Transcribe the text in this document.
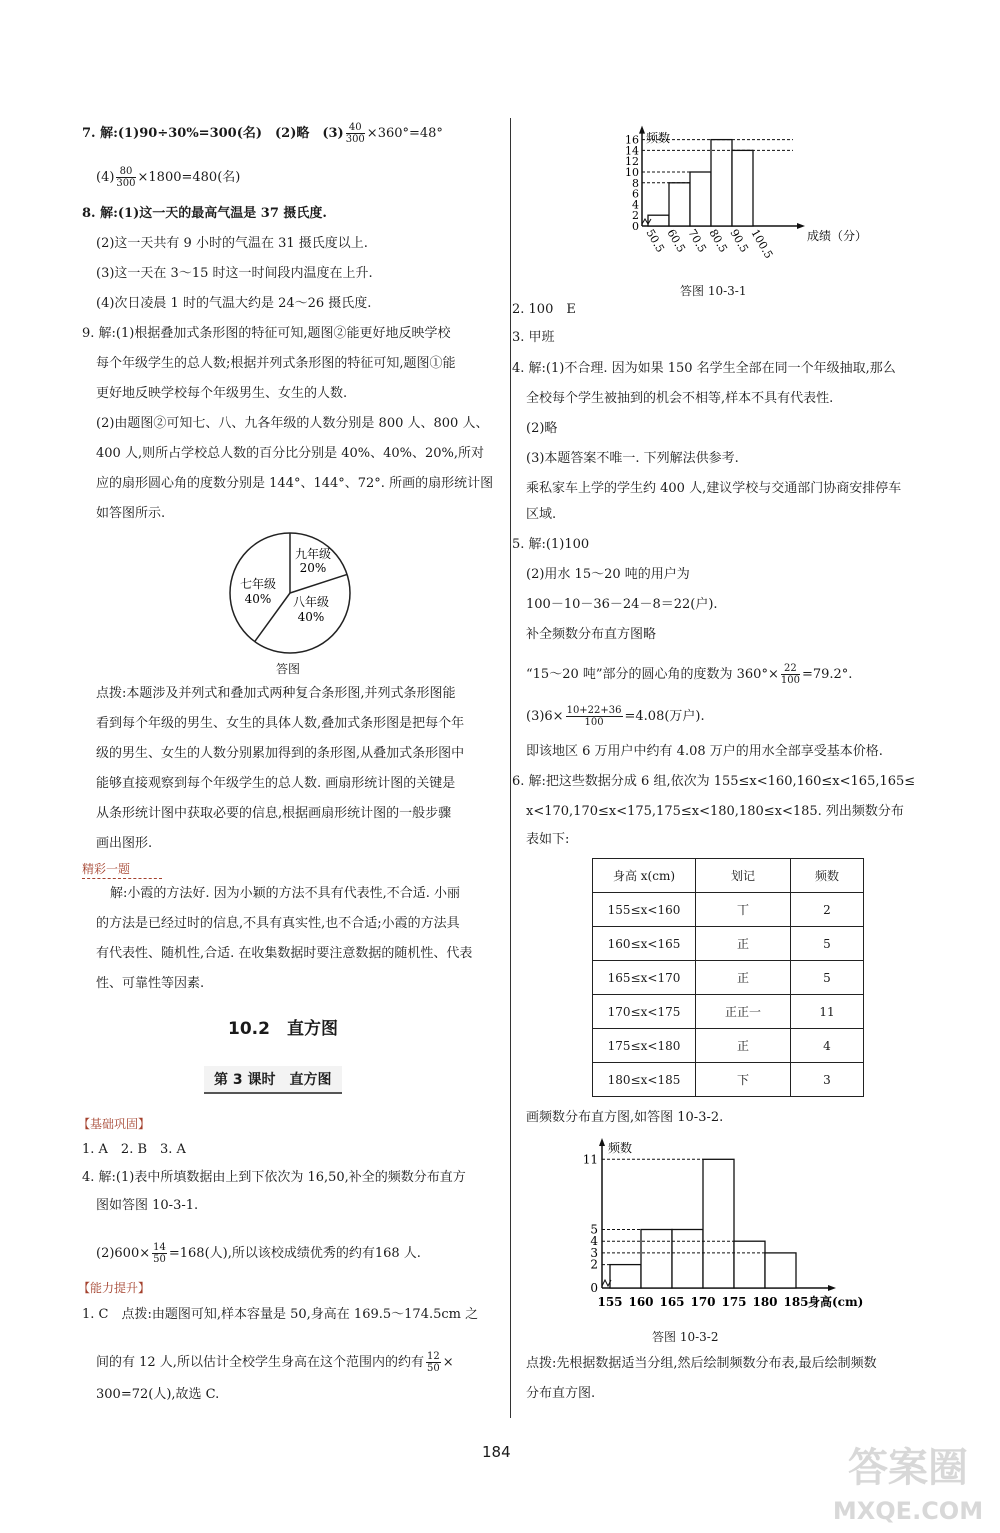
7. 解:(1)90÷30%=300(名)　(2)略　$(3) \frac{40}{300} \times 360^\circ=48^\circ$
$(4) \frac{80}{300} \times 1800=480$(名)
8. 解:(1)这一天的最高气温是 37 摄氏度.
(2)这一天共有 9 小时的气温在 31 摄氏度以上.
(3)这一天在 3～15 时这一时间段内温度在上升.
(4)次日凌晨 1 时的气温大约是 24～26 摄氏度.
9. 解:(1)根据叠加式条形图的特征可知,题图②能更好地反映学校
每个年级学生的总人数;根据并列式条形图的特征可知,题图①能
更好地反映学校每个年级男生、女生的人数.
(2)由题图②可知七、八、九各年级的人数分别是 800 人、800 人、
400 人,则所占学校总人数的百分比分别是 40%、40%、20%,所对
应的扇形圆心角的度数分别是 144°、144°、72°. 所画的扇形统计图
如答图所示.
九年级
20%
七年级
40% 八年级
40%
答图
点拨:本题涉及并列式和叠加式两种复合条形图,并列式条形图能
看到每个年级的男生、女生的具体人数,叠加式条形图是把每个年
级的男生、女生的人数分别累加得到的条形图,从叠加式条形图中
能够直接观察到每个年级学生的总人数. 画扇形统计图的关键是
从条形统计图中获取必要的信息,根据画扇形统计图的一般步骤
画出图形.
精彩一题
解:小霞的方法好. 因为小颖的方法不具有代表性,不合适. 小丽
的方法是已经过时的信息,不具有真实性,也不合适;小霞的方法具
有代表性、随机性,合适. 在收集数据时要注意数据的随机性、代表
性、可靠性等因素.
10.2　直方图
第 3 课时　直方图
【基础巩固】
1. A　2. B　3. A
4. 解:(1)表中所填数据由上到下依次为 16,50,补全的频数分布直方
图如答图 10-3-1.
$(2)600\times \frac{14}{50} =168$(人),所以该校成绩优秀的约有168 人.
【能力提升】
1. C　点拨:由题图可知,样本容量是 50,身高在 169.5～174.5cm 之
间的有 12 人,所以估计全校学生身高在这个范围内的约有 $\frac{12}{50}$ ×
300=72(人),故选 C.
频数
成绩（分）
0
2
4
6
8
10
12
14
16
50.5
60.5
70.5
80.5
90.5
100.5
答图 10-3-1
2. 100　E
3. 甲班
4. 解:(1)不合理. 因为如果 150 名学生全部在同一个年级抽取,那么
全校每个学生被抽到的机会不相等,样本不具有代表性.
(2)略
(3)本题答案不唯一. 下列解法供参考.
乘私家车上学的学生约 400 人,建议学校与交通部门协商安排停车
区域.
5. 解:(1)100
(2)用水 15～20 吨的用户为
100－10－36－24－8＝22(户).
补全频数分布直方图略
“15～20 吨”部分的圆心角的度数为 $360^\circ\times \frac{22}{100} =79.2^\circ$.
$(3)6\times \frac{10+22+36}{100} =4.08$(万户).
即该地区 6 万用户中约有 4.08 万户的用水全部享受基本价格.
6. 解:把这些数据分成 6 组,依次为 155≤x<160,160≤x<165,165≤
x<170,170≤x<175,175≤x<180,180≤x<185. 列出频数分布
表如下:
身高 x(cm)	划记	频数
155≤x<160	丅	2
160≤x<165	正	5
165≤x<170	正	5
170≤x<175	正正一	11
175≤x<180	正	4
180≤x<185	下	3
画频数分布直方图,如答图 10-3-2.
频数
身高(cm)
0
2
3
4
5
11
155 160 165 170 175 180 185
答图 10-3-2
点拨:先根据数据适当分组,然后绘制频数分布表,最后绘制频数
分布直方图.
184	答案圈
MXQE.COM
